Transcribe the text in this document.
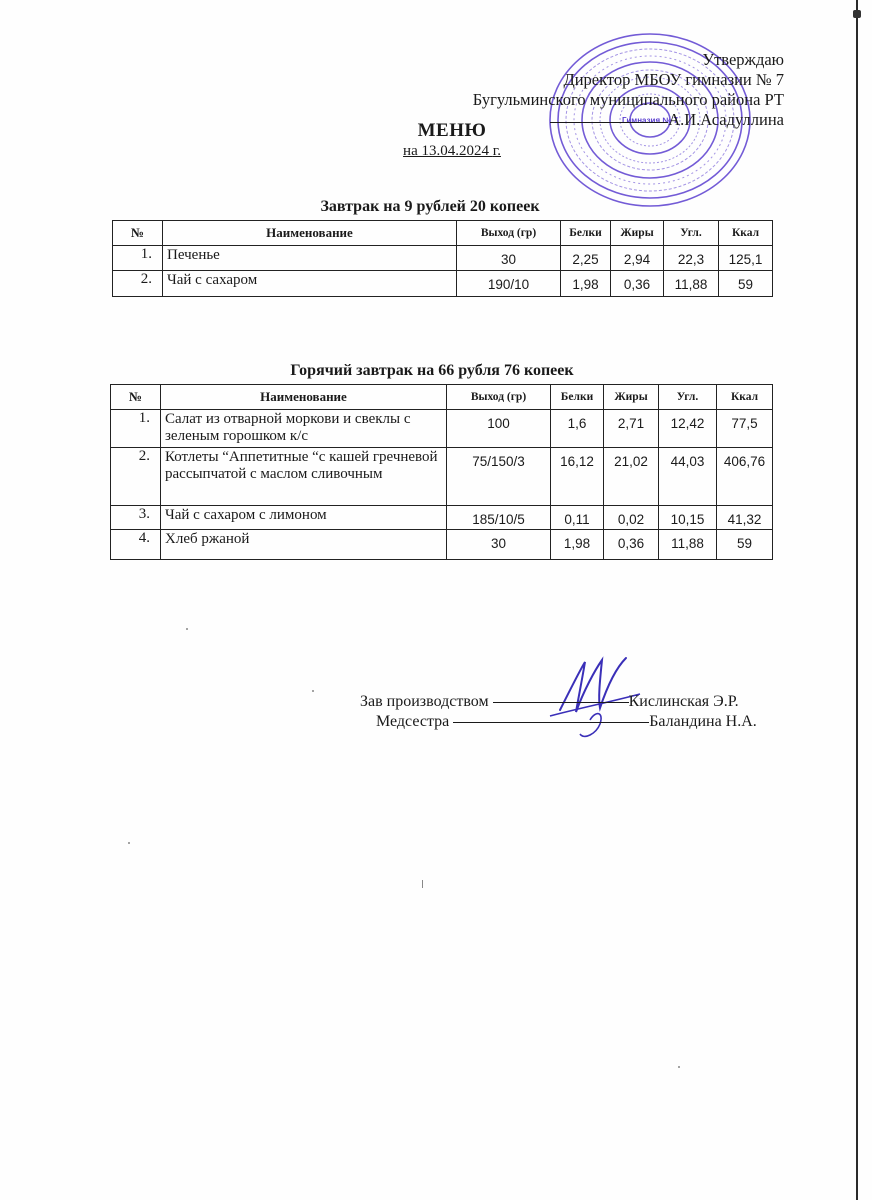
Гимназия № 7
Утверждаю
Директор МБОУ гимназии № 7
Бугульминского муниципального района РТ
А.И.Асадуллина
МЕНЮ
на 13.04.2024 г.
Завтрак на 9 рублей 20 копеек
№	Наименование	Выход (гр)	Белки	Жиры	Угл.	Ккал
1.	Печенье	30	2,25	2,94	22,3	125,1
2.	Чай с сахаром	190/10	1,98	0,36	11,88	59
Горячий завтрак на 66 рубля 76 копеек
№	Наименование	Выход (гр)	Белки	Жиры	Угл.	Ккал
1.	Салат из отварной моркови и свеклы с зеленым горошком к/с	100	1,6	2,71	12,42	77,5
2.	Котлеты “Аппетитные “с кашей гречневой рассыпчатой с маслом сливочным	75/150/3	16,12	21,02	44,03	406,76
3.	Чай с сахаром с лимоном	185/10/5	0,11	0,02	10,15	41,32
4.	Хлеб ржаной	30	1,98	0,36	11,88	59
Зав производством	Кислинская Э.Р.
Медсестра	Баландина Н.А.
